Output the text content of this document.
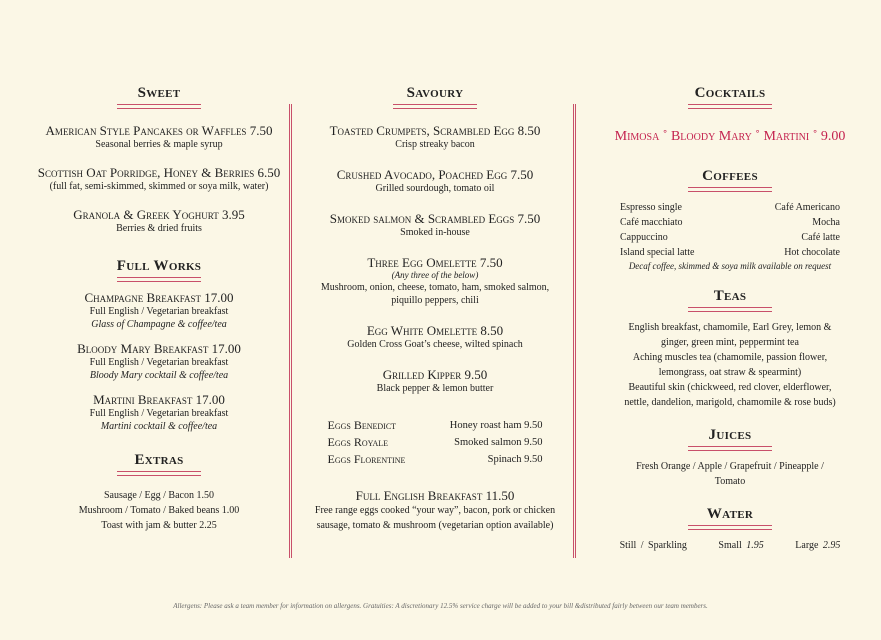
Sweet
American Style Pancakes or Waffles 7.50
Seasonal berries & maple syrup
Scottish Oat Porridge, Honey & Berries 6.50
(full fat, semi-skimmed, skimmed or soya milk, water)
Granola & Greek Yoghurt 3.95
Berries & dried fruits
Full Works
Champagne Breakfast 17.00
Full English / Vegetarian breakfast
Glass of Champagne & coffee/tea
Bloody Mary Breakfast 17.00
Full English / Vegetarian breakfast
Bloody Mary cocktail & coffee/tea
Martini Breakfast 17.00
Full English / Vegetarian breakfast
Martini cocktail & coffee/tea
Extras
Sausage / Egg / Bacon 1.50
Mushroom / Tomato / Baked beans 1.00
Toast with jam & butter 2.25
Savoury
Toasted Crumpets, Scrambled Egg 8.50
Crisp streaky bacon
Crushed Avocado, Poached Egg 7.50
Grilled sourdough, tomato oil
Smoked salmon & Scrambled Eggs 7.50
Smoked in-house
Three Egg Omelette 7.50
(Any three of the below)
Mushroom, onion, cheese, tomato, ham, smoked salmon,
piquillo peppers, chili
Egg White Omelette 8.50
Golden Cross Goat’s cheese, wilted spinach
Grilled Kipper 9.50
Black pepper & lemon butter
Eggs Benedict	Honey roast ham 9.50
Eggs Royale	Smoked salmon 9.50
Eggs Florentine	Spinach 9.50
Full English Breakfast 11.50
Free range eggs cooked “your way”, bacon, pork or chicken
sausage, tomato & mushroom (vegetarian option available)
Cocktails
Mimosa ˚ Bloody Mary ˚ Martini ˚ 9.00
Coffees
Espresso single	Café Americano
Café macchiato	Mocha
Cappuccino	Café latte
Island special latte	Hot chocolate
Decaf coffee, skimmed & soya milk available on request
Teas
English breakfast, chamomile, Earl Grey, lemon &
ginger, green mint, peppermint tea
Aching muscles tea (chamomile, passion flower,
lemongrass, oat straw & spearmint)
Beautiful skin (chickweed, red clover, elderflower,
nettle, dandelion, marigold, chamomile & rose buds)
Juices
Fresh Orange / Apple / Grapefruit / Pineapple /
Tomato
Water
Still / Sparkling	Small 1.95	Large 2.95
Allergens: Please ask a team member for information on allergens. Gratuities: A discretionary 12.5% service charge will be added to your bill &distributed fairly between our team members.
